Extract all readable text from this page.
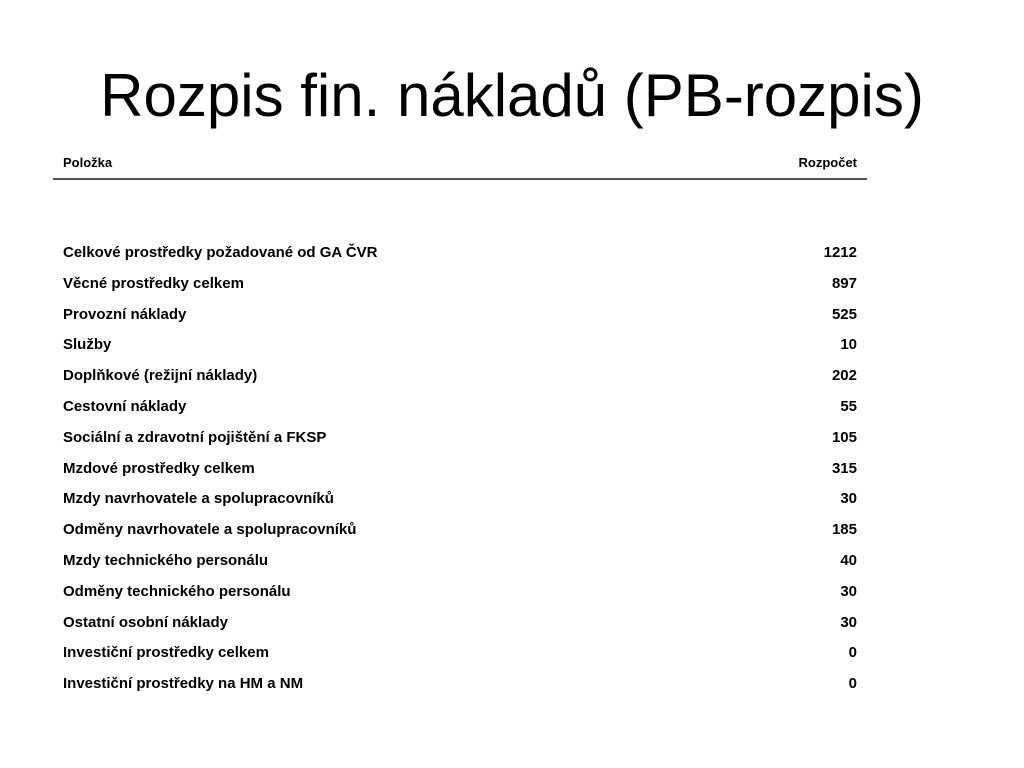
Rozpis fin. nákladů (PB-rozpis)
Položka	Rozpočet
Celkové prostředky požadované od GA ČVR	1212
Věcné prostředky celkem	897
Provozní náklady	525
Služby	10
Doplňkové (režijní náklady)	202
Cestovní náklady	55
Sociální a zdravotní pojištění a FKSP	105
Mzdové prostředky celkem	315
Mzdy navrhovatele a spolupracovníků	30
Odměny navrhovatele a spolupracovníků	185
Mzdy technického personálu	40
Odměny technického personálu	30
Ostatní osobní náklady	30
Investiční prostředky celkem	0
Investiční prostředky na HM a NM	0
